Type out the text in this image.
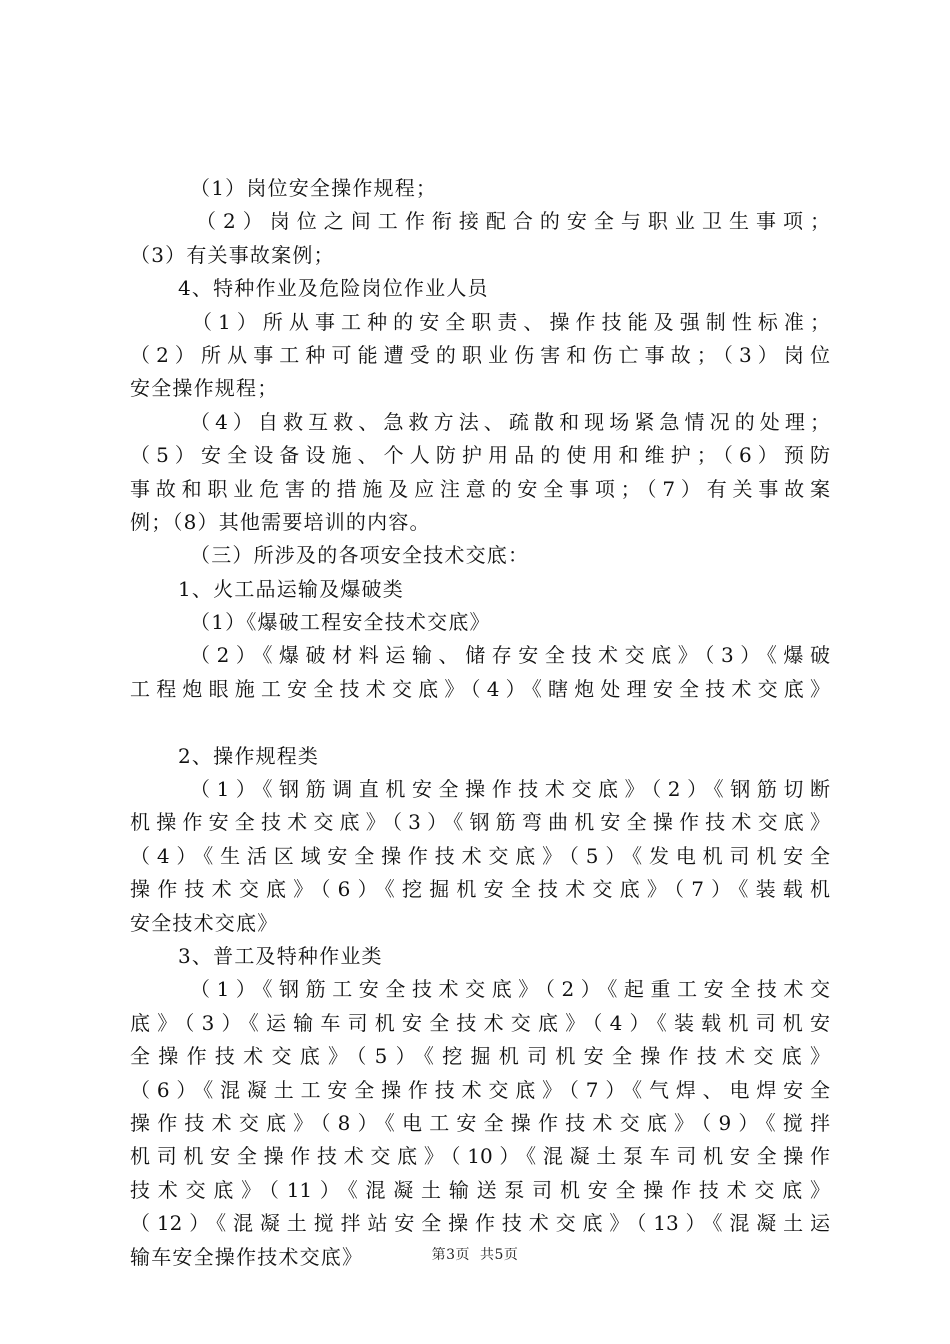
（1）岗位安全操作规程；
（2）岗位之间工作衔接配合的安全与职业卫生事项；
（3）有关事故案例；
4、特种作业及危险岗位作业人员
（1）所从事工种的安全职责、操作技能及强制性标准；
（2）所从事工种可能遭受的职业伤害和伤亡事故；（3）岗位
安全操作规程；
（4）自救互救、急救方法、疏散和现场紧急情况的处理；
（5）安全设备设施、个人防护用品的使用和维护；（6）预防
事故和职业危害的措施及应注意的安全事项；（7）有关事故案
例；（8）其他需要培训的内容。
（三）所涉及的各项安全技术交底：
1、火工品运输及爆破类
（1）《爆破工程安全技术交底》
（2）《爆破材料运输、储存安全技术交底》（3）《爆破
工程炮眼施工安全技术交底》（4）《瞎炮处理安全技术交底》
2、操作规程类
（1）《钢筋调直机安全操作技术交底》（2）《钢筋切断
机操作安全技术交底》（3）《钢筋弯曲机安全操作技术交底》
（4）《生活区域安全操作技术交底》（5）《发电机司机安全
操作技术交底》（6）《挖掘机安全技术交底》（7）《装载机
安全技术交底》
3、普工及特种作业类
（1）《钢筋工安全技术交底》（2）《起重工安全技术交
底》（3）《运输车司机安全技术交底》（4）《装载机司机安
全操作技术交底》（5）《挖掘机司机安全操作技术交底》
（6）《混凝土工安全操作技术交底》（7）《气焊、电焊安全
操作技术交底》（8）《电工安全操作技术交底》（9）《搅拌
机司机安全操作技术交底》（10）《混凝土泵车司机安全操作
技术交底》（11）《混凝土输送泵司机安全操作技术交底》
（12）《混凝土搅拌站安全操作技术交底》（13）《混凝土运
输车安全操作技术交底》	第3页 共5页
